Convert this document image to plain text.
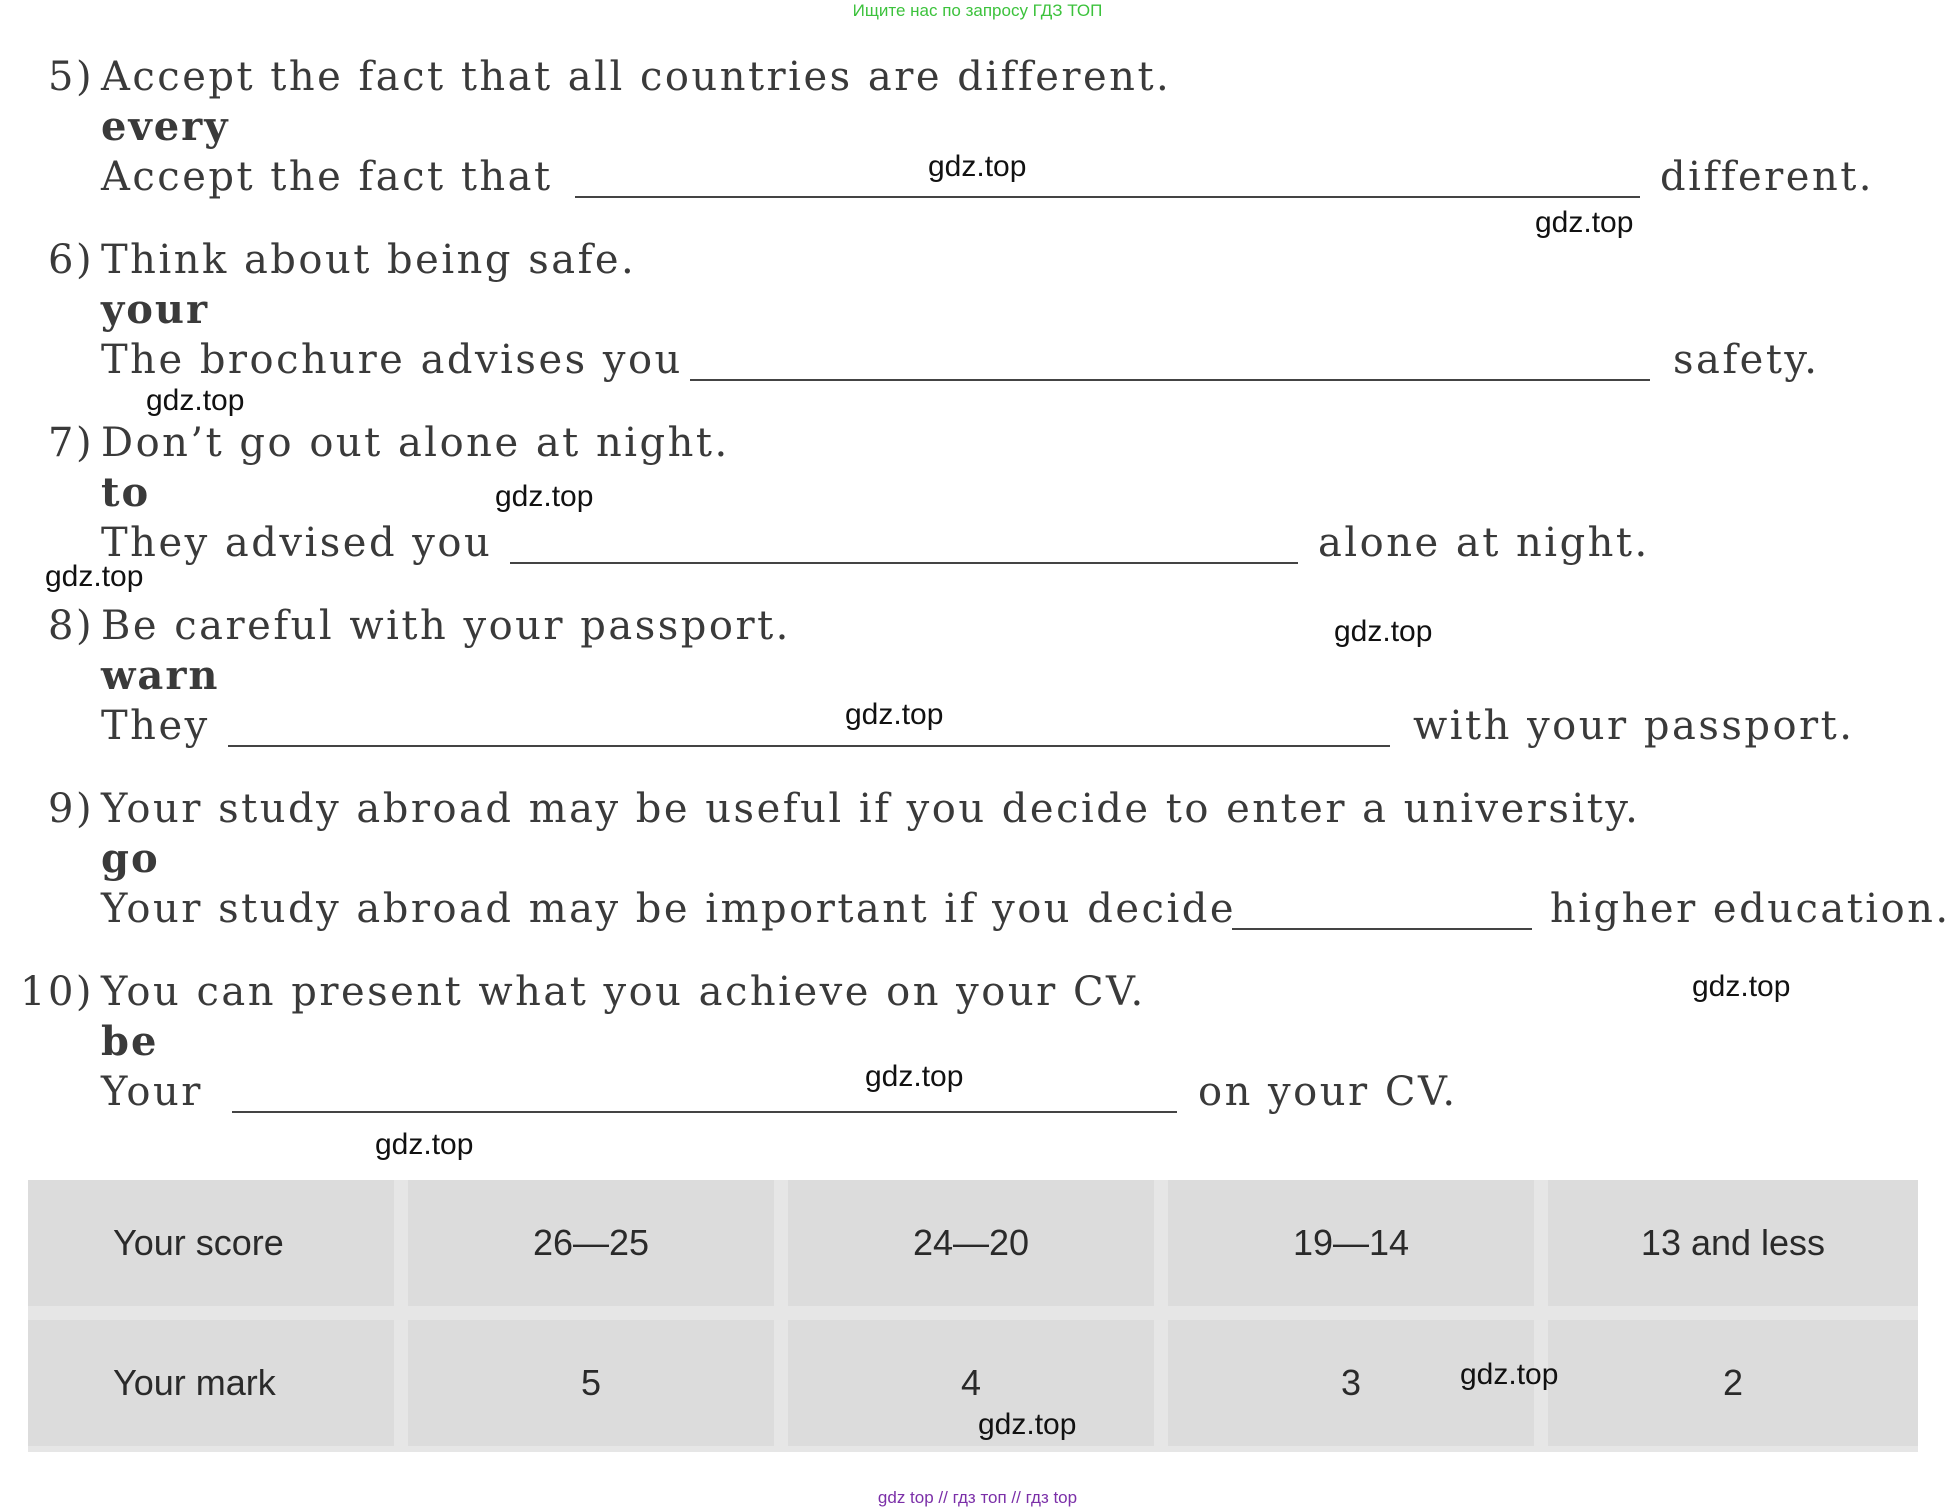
Ищите нас по запросу ГДЗ ТОП
5) Accept the fact that all countries are different.
every
Accept the fact that	different.
6) Think about being safe.
your
The brochure advises you	safety.
7) Don’t go out alone at night.
to
They advised you	alone at night.
8) Be careful with your passport.
warn
They	with your passport.
9) Your study abroad may be useful if you decide to enter a university.
go
Your study abroad may be important if you decide	higher education.
10) You can present what you achieve on your CV.
be
Your	on your CV.
Your score	26—25	24—20	19—14	13 and less
Your mark	5	4	3	2
gdz.top
gdz.top
gdz.top
gdz.top
gdz.top
gdz.top
gdz.top
gdz.top
gdz.top
gdz.top
gdz.top
gdz.top
gdz top // гдз топ // гдз top
